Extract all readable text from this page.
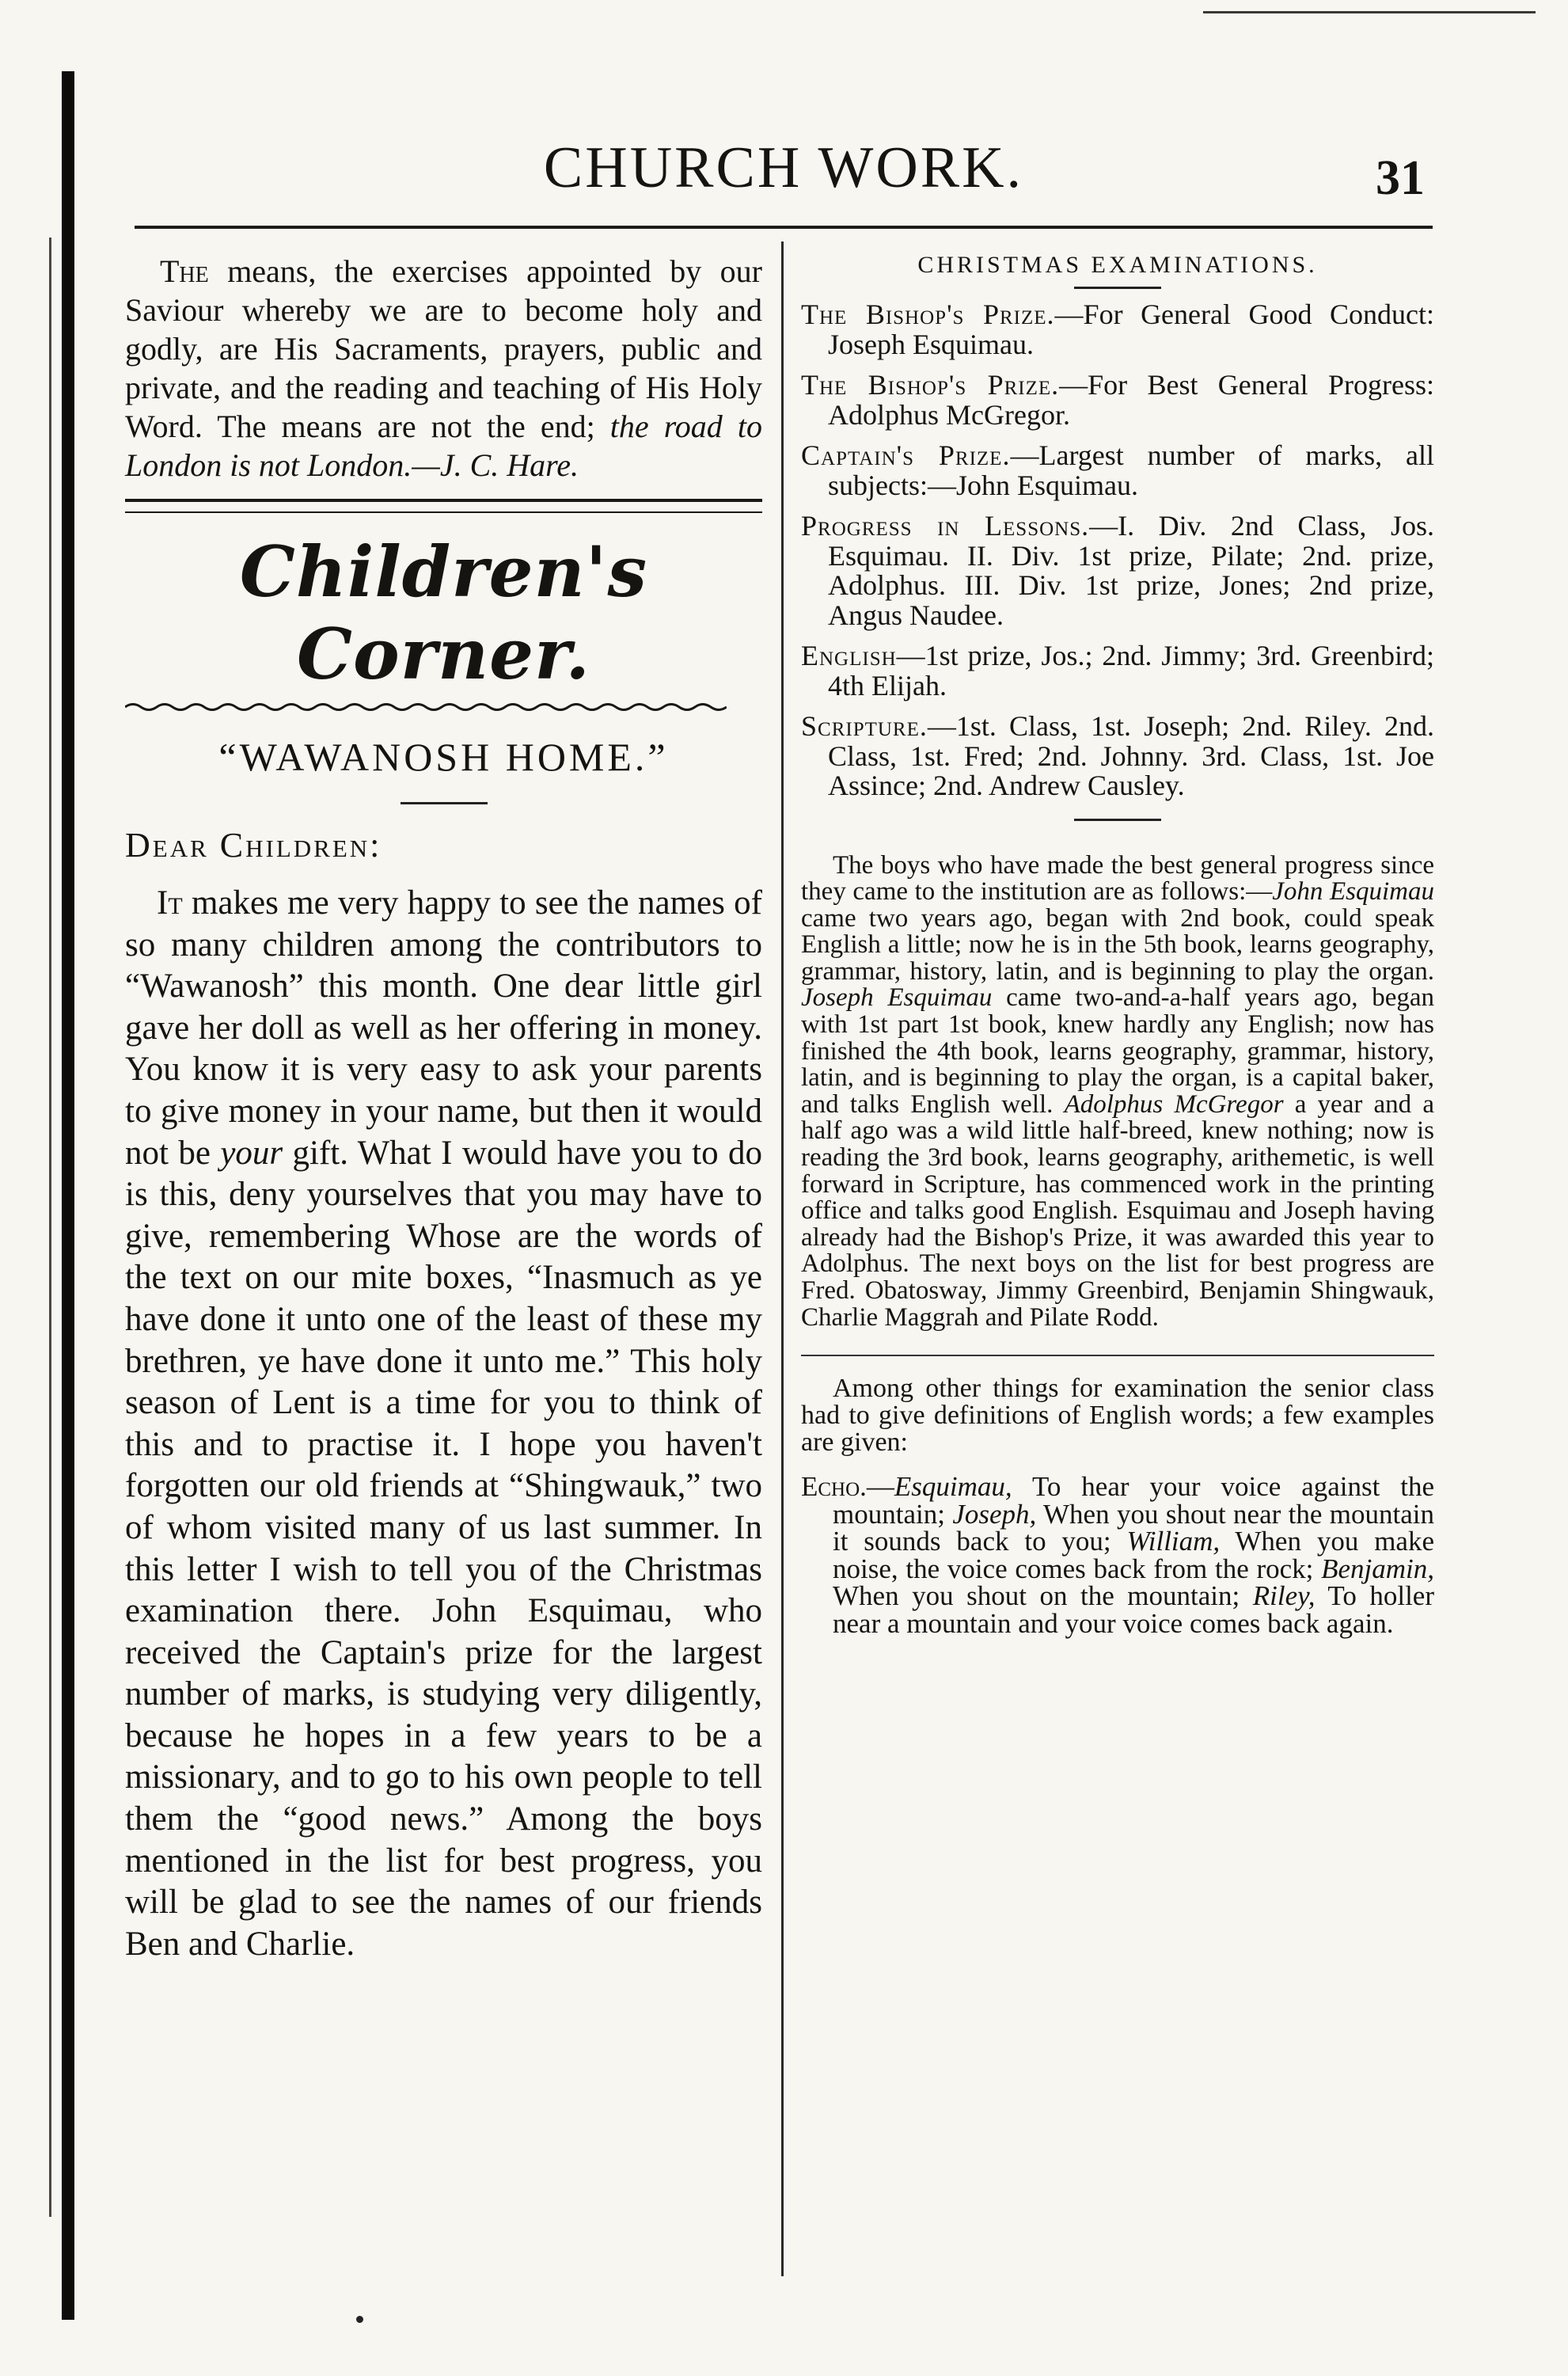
CHURCH WORK.	31

The means, the exercises appointed by our Saviour whereby we are to become holy and godly, are His Sacraments, prayers, public and private, and the reading and teaching of His Holy Word. The means are not the end; the road to London is not London.—J. C. Hare.

Children's Corner.
“WAWANOSH HOME.”
Dear Children:

It makes me very happy to see the names of so many children among the contributors to “Wawanosh” this month. One dear little girl gave her doll as well as her offering in money. You know it is very easy to ask your parents to give money in your name, but then it would not be your gift. What I would have you to do is this, deny yourselves that you may have to give, remembering Whose are the words of the text on our mite boxes, “Inasmuch as ye have done it unto one of the least of these my brethren, ye have done it unto me.” This holy season of Lent is a time for you to think of this and to practise it. I hope you haven't forgotten our old friends at “Shingwauk,” two of whom visited many of us last summer. In this letter I wish to tell you of the Christmas examination there. John Esquimau, who received the Captain's prize for the largest number of marks, is studying very diligently, because he hopes in a few years to be a missionary, and to go to his own people to tell them the “good news.” Among the boys mentioned in the list for best progress, you will be glad to see the names of our friends Ben and Charlie.

CHRISTMAS EXAMINATIONS.

The Bishop's Prize.—For General Good Conduct: Joseph Esquimau.

The Bishop's Prize.—For Best General Progress: Adolphus McGregor.

Captain's Prize.—Largest number of marks, all subjects:—John Esquimau.

Progress in Lessons.—I. Div. 2nd Class, Jos. Esquimau. II. Div. 1st prize, Pilate; 2nd. prize, Adolphus. III. Div. 1st prize, Jones; 2nd prize, Angus Naudee.

English—1st prize, Jos.; 2nd. Jimmy; 3rd. Greenbird; 4th Elijah.

Scripture.—1st. Class, 1st. Joseph; 2nd. Riley. 2nd. Class, 1st. Fred; 2nd. Johnny. 3rd. Class, 1st. Joe Assince; 2nd. Andrew Causley.

The boys who have made the best general progress since they came to the institution are as follows:—John Esquimau came two years ago, began with 2nd book, could speak English a little; now he is in the 5th book, learns geography, grammar, history, latin, and is beginning to play the organ. Joseph Esquimau came two-and-a-half years ago, began with 1st part 1st book, knew hardly any English; now has finished the 4th book, learns geography, grammar, history, latin, and is beginning to play the organ, is a capital baker, and talks English well. Adolphus McGregor a year and a half ago was a wild little half-breed, knew nothing; now is reading the 3rd book, learns geography, arithemetic, is well forward in Scripture, has commenced work in the printing office and talks good English. Esquimau and Joseph having already had the Bishop's Prize, it was awarded this year to Adolphus. The next boys on the list for best progress are Fred. Obatosway, Jimmy Greenbird, Benjamin Shingwauk, Charlie Maggrah and Pilate Rodd.

Among other things for examination the senior class had to give definitions of English words; a few examples are given:

Echo.—Esquimau, To hear your voice against the mountain; Joseph, When you shout near the mountain it sounds back to you; William, When you make noise, the voice comes back from the rock; Benjamin, When you shout on the mountain; Riley, To holler near a mountain and your voice comes back again.
